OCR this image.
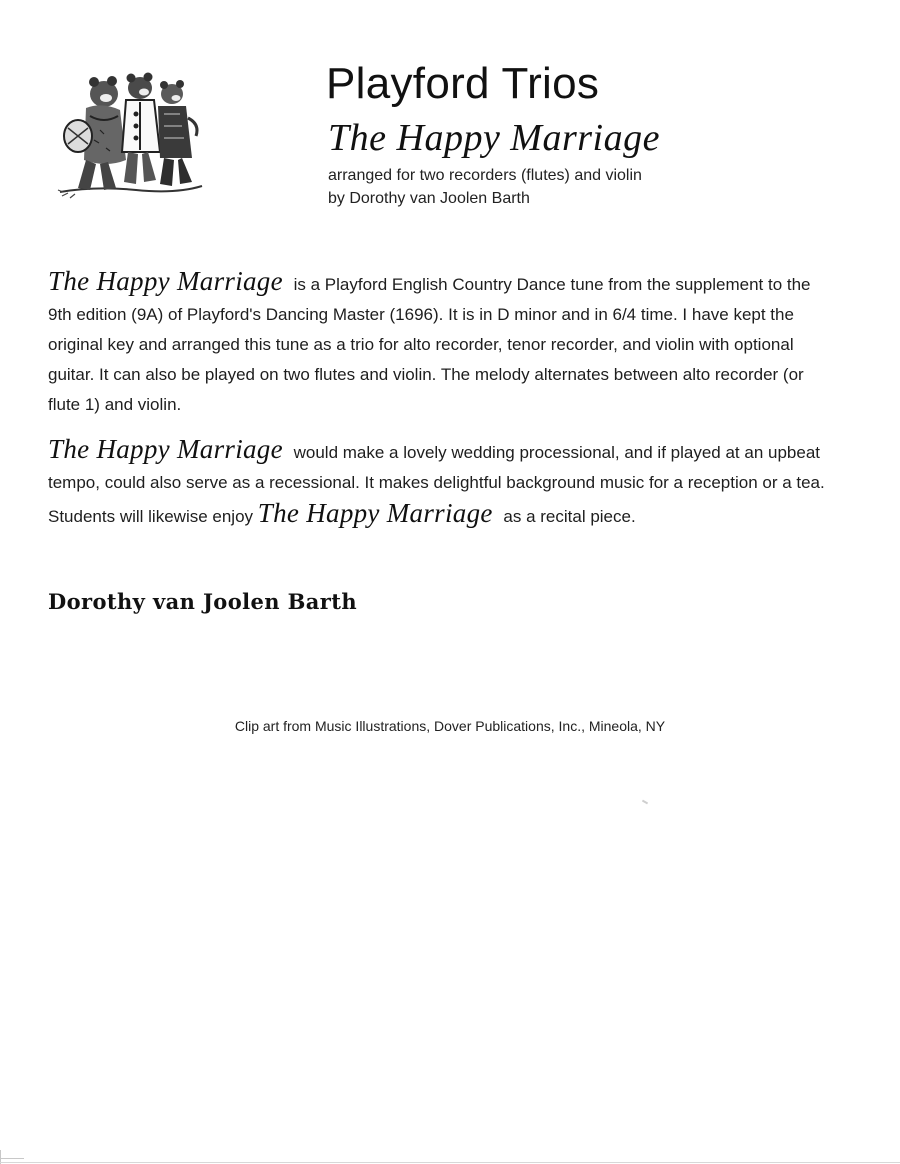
Playford Trios
The Happy Marriage
arranged for two recorders (flutes) and violin
by Dorothy van Joolen Barth

The Happy Marriage is a Playford English Country Dance tune from the supplement to the 9th edition (9A) of Playford's Dancing Master (1696). It is in D minor and in 6/4 time. I have kept the original key and arranged this tune as a trio for alto recorder, tenor recorder, and violin with optional guitar. It can also be played on two flutes and violin. The melody alternates between alto recorder (or flute 1) and violin.

The Happy Marriage would make a lovely wedding processional, and if played at an upbeat tempo, could also serve as a recessional. It makes delightful background music for a reception or a tea. Students will likewise enjoy The Happy Marriage as a recital piece.

Dorothy van Joolen Barth
Clip art from Music Illustrations, Dover Publications, Inc., Mineola, NY
